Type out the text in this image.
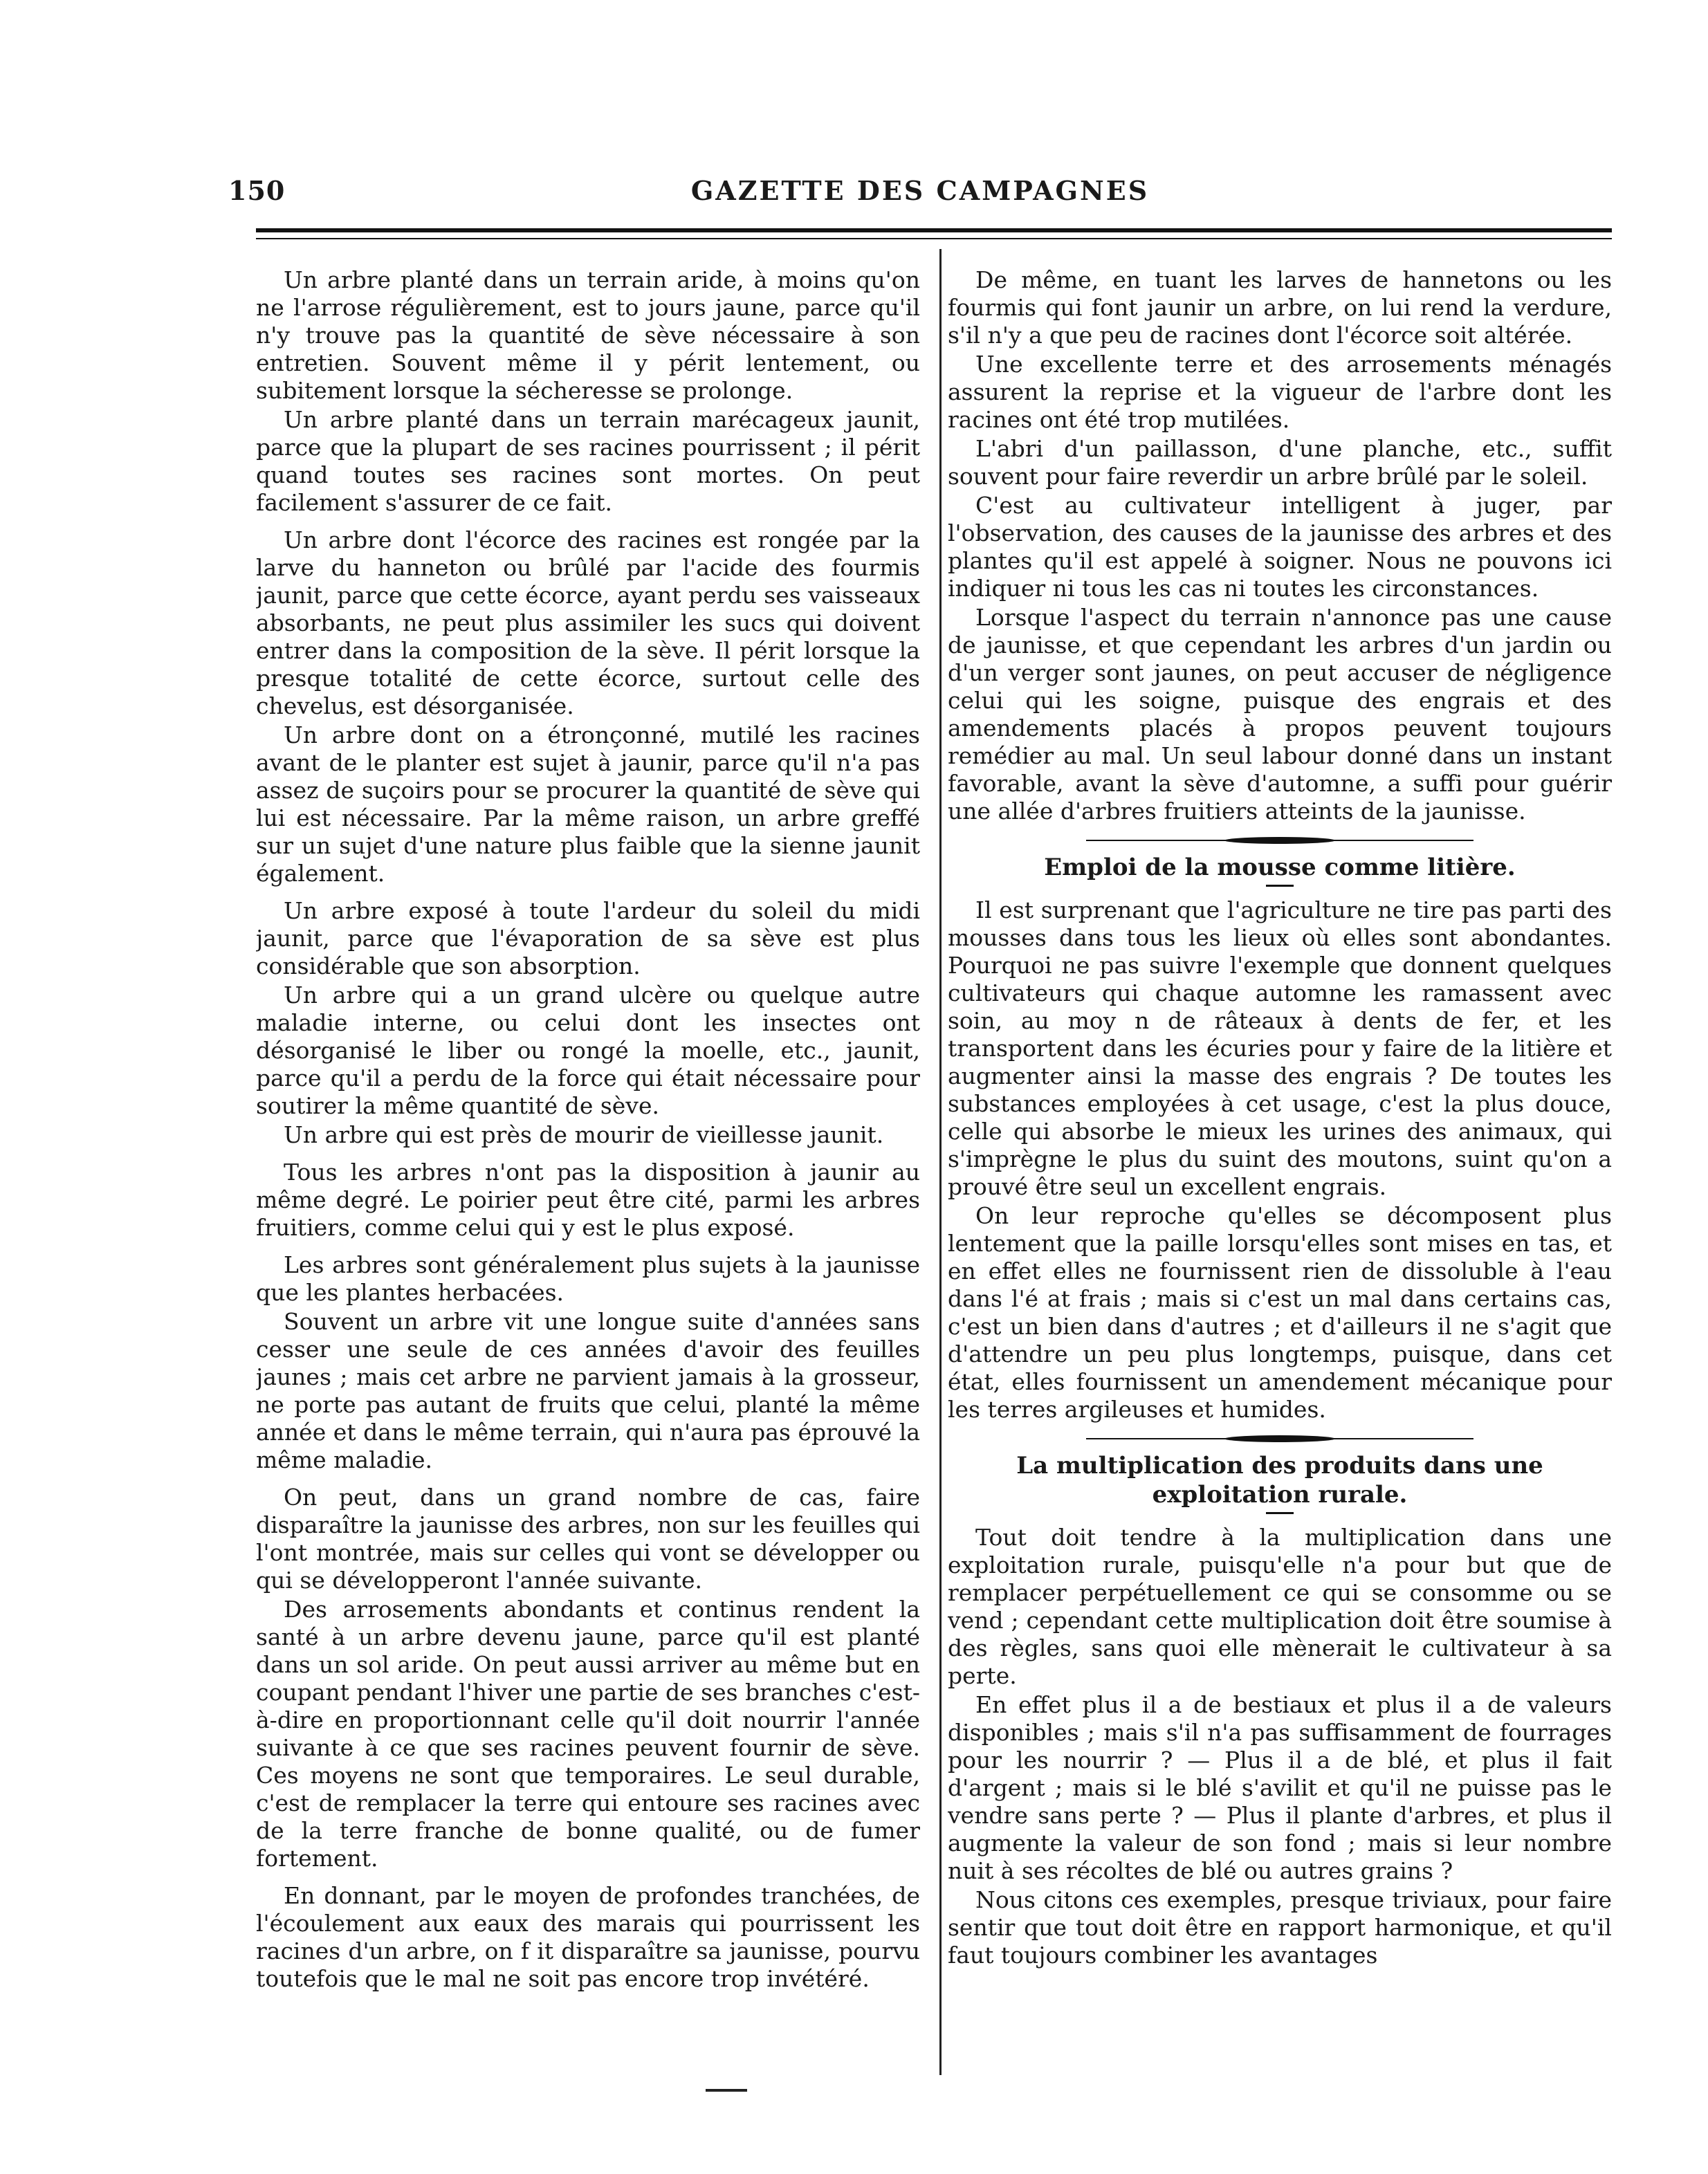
150	GAZETTE DES CAMPAGNES

Un arbre planté dans un terrain aride, à moins qu'on ne l'arrose régulièrement, est to jours jaune, parce qu'il n'y trouve pas la quantité de sève nécessaire à son entretien. Souvent même il y périt lentement, ou subitement lorsque la sécheresse se prolonge.

Un arbre planté dans un terrain marécageux jaunit, parce que la plupart de ses racines pourrissent ; il périt quand toutes ses racines sont mortes. On peut facilement s'assurer de ce fait.

Un arbre dont l'écorce des racines est rongée par la larve du hanneton ou brûlé par l'acide des fourmis jaunit, parce que cette écorce, ayant perdu ses vaisseaux absorbants, ne peut plus assimiler les sucs qui doivent entrer dans la composition de la sève. Il périt lorsque la presque totalité de cette écorce, surtout celle des chevelus, est désorganisée.

Un arbre dont on a étronçonné, mutilé les racines avant de le planter est sujet à jaunir, parce qu'il n'a pas assez de suçoirs pour se procurer la quantité de sève qui lui est nécessaire. Par la même raison, un arbre greffé sur un sujet d'une nature plus faible que la sienne jaunit également.

Un arbre exposé à toute l'ardeur du soleil du midi jaunit, parce que l'évaporation de sa sève est plus considérable que son absorption.

Un arbre qui a un grand ulcère ou quelque autre maladie interne, ou celui dont les insectes ont désorganisé le liber ou rongé la moelle, etc., jaunit, parce qu'il a perdu de la force qui était nécessaire pour soutirer la même quantité de sève.

Un arbre qui est près de mourir de vieillesse jaunit.

Tous les arbres n'ont pas la disposition à jaunir au même degré. Le poirier peut être cité, parmi les arbres fruitiers, comme celui qui y est le plus exposé.

Les arbres sont généralement plus sujets à la jaunisse que les plantes herbacées.

Souvent un arbre vit une longue suite d'années sans cesser une seule de ces années d'avoir des feuilles jaunes ; mais cet arbre ne parvient jamais à la grosseur, ne porte pas autant de fruits que celui, planté la même année et dans le même terrain, qui n'aura pas éprouvé la même maladie.

On peut, dans un grand nombre de cas, faire disparaître la jaunisse des arbres, non sur les feuilles qui l'ont montrée, mais sur celles qui vont se développer ou qui se développeront l'année suivante.

Des arrosements abondants et continus rendent la santé à un arbre devenu jaune, parce qu'il est planté dans un sol aride. On peut aussi arriver au même but en coupant pendant l'hiver une partie de ses branches c'est-à-dire en proportionnant celle qu'il doit nourrir l'année suivante à ce que ses racines peuvent fournir de sève. Ces moyens ne sont que temporaires. Le seul durable, c'est de remplacer la terre qui entoure ses racines avec de la terre franche de bonne qualité, ou de fumer fortement.

En donnant, par le moyen de profondes tranchées, de l'écoulement aux eaux des marais qui pourrissent les racines d'un arbre, on f it disparaître sa jaunisse, pourvu toutefois que le mal ne soit pas encore trop invétéré.

De même, en tuant les larves de hannetons ou les fourmis qui font jaunir un arbre, on lui rend la verdure, s'il n'y a que peu de racines dont l'écorce soit altérée.

Une excellente terre et des arrosements ménagés assurent la reprise et la vigueur de l'arbre dont les racines ont été trop mutilées.

L'abri d'un paillasson, d'une planche, etc., suffit souvent pour faire reverdir un arbre brûlé par le soleil.

C'est au cultivateur intelligent à juger, par l'observation, des causes de la jaunisse des arbres et des plantes qu'il est appelé à soigner. Nous ne pouvons ici indiquer ni tous les cas ni toutes les circonstances.

Lorsque l'aspect du terrain n'annonce pas une cause de jaunisse, et que cependant les arbres d'un jardin ou d'un verger sont jaunes, on peut accuser de négligence celui qui les soigne, puisque des engrais et des amendements placés à propos peuvent toujours remédier au mal. Un seul labour donné dans un instant favorable, avant la sève d'automne, a suffi pour guérir une allée d'arbres fruitiers atteints de la jaunisse.

Emploi de la mousse comme litière.

Il est surprenant que l'agriculture ne tire pas parti des mousses dans tous les lieux où elles sont abondantes. Pourquoi ne pas suivre l'exemple que donnent quelques cultivateurs qui chaque automne les ramassent avec soin, au moy n de râteaux à dents de fer, et les transportent dans les écuries pour y faire de la litière et augmenter ainsi la masse des engrais ? De toutes les substances employées à cet usage, c'est la plus douce, celle qui absorbe le mieux les urines des animaux, qui s'imprègne le plus du suint des moutons, suint qu'on a prouvé être seul un excellent engrais.

On leur reproche qu'elles se décomposent plus lentement que la paille lorsqu'elles sont mises en tas, et en effet elles ne fournissent rien de dissoluble à l'eau dans l'é at frais ; mais si c'est un mal dans certains cas, c'est un bien dans d'autres ; et d'ailleurs il ne s'agit que d'attendre un peu plus longtemps, puisque, dans cet état, elles fournissent un amendement mécanique pour les terres argileuses et humides.

La multiplication des produits dans une exploitation rurale.

Tout doit tendre à la multiplication dans une exploitation rurale, puisqu'elle n'a pour but que de remplacer perpétuellement ce qui se consomme ou se vend ; cependant cette multiplication doit être soumise à des règles, sans quoi elle mènerait le cultivateur à sa perte.

En effet plus il a de bestiaux et plus il a de valeurs disponibles ; mais s'il n'a pas suffisamment de fourrages pour les nourrir ? — Plus il a de blé, et plus il fait d'argent ; mais si le blé s'avilit et qu'il ne puisse pas le vendre sans perte ? — Plus il plante d'arbres, et plus il augmente la valeur de son fond ; mais si leur nombre nuit à ses récoltes de blé ou autres grains ?

Nous citons ces exemples, presque triviaux, pour faire sentir que tout doit être en rapport harmonique, et qu'il faut toujours combiner les avantages
